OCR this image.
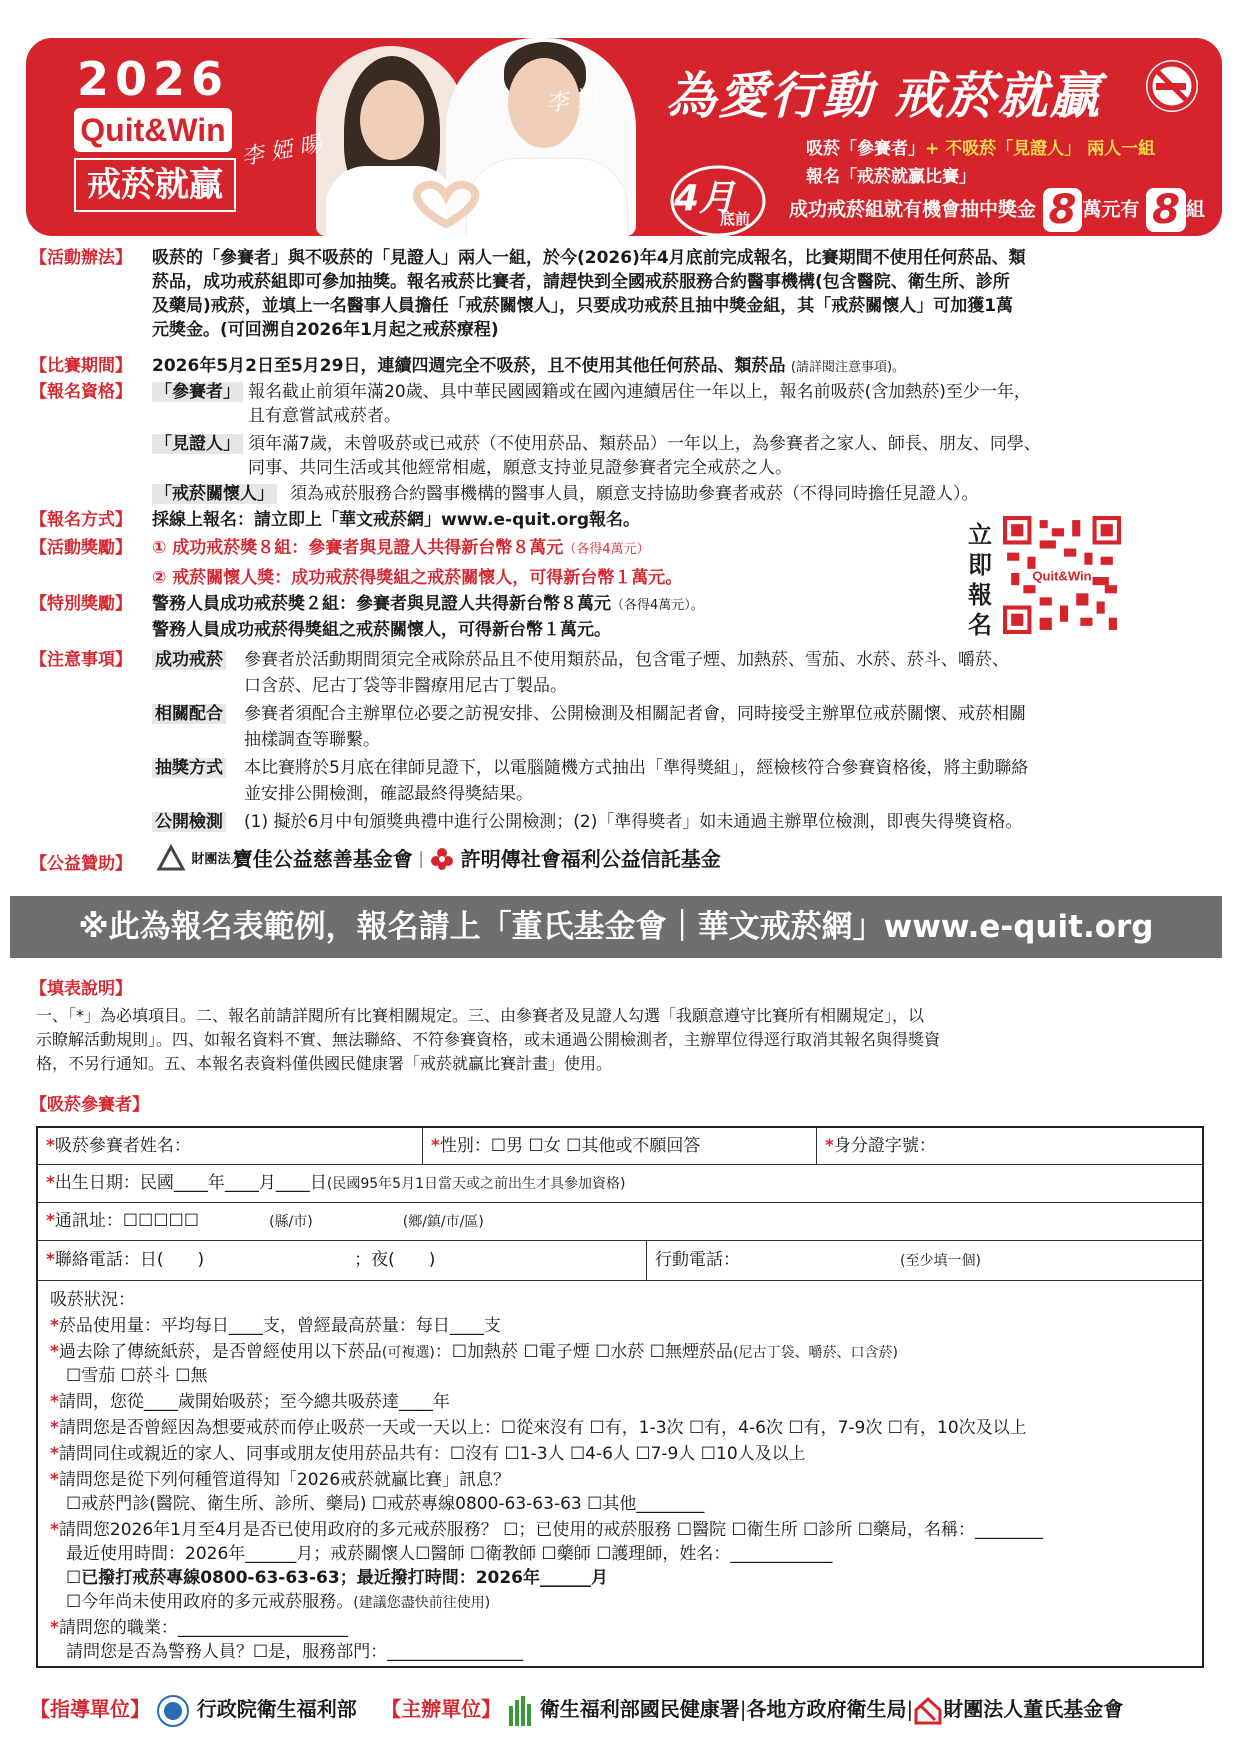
2026
Quit&Win
戒菸就贏
李 婭 暘
李 翔 為愛行動 戒菸就贏
4月
底前
吸菸「參賽者」+ 不吸菸「見證人」 兩人一組
報名「戒菸就贏比賽」
成功戒菸組就有機會抽中獎金 8 萬元有 8 組
【活動辦法】 吸菸的「參賽者」與不吸菸的「見證人」兩人一組，於今(2026)年4月底前完成報名，比賽期間不使用任何菸品、類
菸品，成功戒菸組即可參加抽獎。報名戒菸比賽者，請趕快到全國戒菸服務合約醫事機構(包含醫院、衛生所、診所
及藥局)戒菸，並填上一名醫事人員擔任「戒菸關懷人」，只要成功戒菸且抽中獎金組，其「戒菸關懷人」可加獲1萬
元獎金。(可回溯自2026年1月起之戒菸療程)
【比賽期間】 2026年5月2日至5月29日，連續四週完全不吸菸，且不使用其他任何菸品、類菸品 (請詳閱注意事項)。
【報名資格】 「參賽者」 報名截止前須年滿20歲、具中華民國國籍或在國內連續居住一年以上，報名前吸菸(含加熱菸)至少一年，
且有意嘗試戒菸者。
「見證人」 須年滿7歲，未曾吸菸或已戒菸（不使用菸品、類菸品）一年以上，為參賽者之家人、師長、朋友、同學、
同事、共同生活或其他經常相處，願意支持並見證參賽者完全戒菸之人。
「戒菸關懷人」 須為戒菸服務合約醫事機構的醫事人員，願意支持協助參賽者戒菸（不得同時擔任見證人）。
【報名方式】 採線上報名：請立即上「華文戒菸網」www.e-quit.org報名。
【活動獎勵】 ① 成功戒菸獎８組：參賽者與見證人共得新台幣８萬元（各得4萬元）
② 戒菸關懷人獎：成功戒菸得獎組之戒菸關懷人，可得新台幣１萬元。
【特別獎勵】 警務人員成功戒菸獎２組：參賽者與見證人共得新台幣８萬元（各得4萬元）。
警務人員成功戒菸得獎組之戒菸關懷人，可得新台幣１萬元。
【注意事項】 成功戒菸 參賽者於活動期間須完全戒除菸品且不使用類菸品，包含電子煙、加熱菸、雪茄、水菸、菸斗、嚼菸、
口含菸、尼古丁袋等非醫療用尼古丁製品。
相關配合 參賽者須配合主辦單位必要之訪視安排、公開檢測及相關記者會，同時接受主辦單位戒菸關懷、戒菸相關
抽樣調查等聯繫。
抽獎方式 本比賽將於5月底在律師見證下，以電腦隨機方式抽出「準得獎組」，經檢核符合參賽資格後，將主動聯絡
並安排公開檢測，確認最終得獎結果。
公開檢測 (1) 擬於6月中旬頒獎典禮中進行公開檢測；(2)「準得獎者」如未通過主辦單位檢測，即喪失得獎資格。
【公益贊助】	財團法人 寶佳公益慈善基金會 | 許明傳社會福利公益信託基金
立即報名
Quit&Win
※此為報名表範例，報名請上「董氏基金會｜華文戒菸網」www.e-quit.org
【填表說明】
一、「*」為必填項目。二、報名前請詳閱所有比賽相關規定。三、由參賽者及見證人勾選「我願意遵守比賽所有相關規定」，以
示瞭解活動規則」。四、如報名資料不實、無法聯絡、不符參賽資格，或未通過公開檢測者，主辦單位得逕行取消其報名與得獎資
格，不另行通知。五、本報名表資料僅供國民健康署「戒菸就贏比賽計畫」使用。
【吸菸參賽者】
*吸菸參賽者姓名：	*性別：☐男 ☐女 ☐其他或不願回答	*身分證字號：
*出生日期：民國____年____月____日(民國95年5月1日當天或之前出生才具參加資格)
*通訊址：☐☐☐☐☐	(縣/市)	(鄉/鎮/市/區)
*聯絡電話：日(　　)	；夜(　　)	行動電話：	(至少填一個)
吸菸狀況：
*菸品使用量：平均每日____支，曾經最高菸量：每日____支
*過去除了傳統紙菸，是否曾經使用以下菸品(可複選)：☐加熱菸 ☐電子煙 ☐水菸 ☐無煙菸品(尼古丁袋、嚼菸、口含菸)
☐雪茄 ☐菸斗 ☐無
*請問，您從____歲開始吸菸；至今總共吸菸達____年
*請問您是否曾經因為想要戒菸而停止吸菸一天或一天以上：☐從來沒有 ☐有，1-3次 ☐有，4-6次 ☐有，7-9次 ☐有，10次及以上
*請問同住或親近的家人、同事或朋友使用菸品共有：☐沒有 ☐1-3人 ☐4-6人 ☐7-9人 ☐10人及以上
*請問您是從下列何種管道得知「2026戒菸就贏比賽」訊息？
☐戒菸門診(醫院、衛生所、診所、藥局) ☐戒菸專線0800-63-63-63 ☐其他________
*請問您2026年1月至4月是否已使用政府的多元戒菸服務？ ☐；已使用的戒菸服務 ☐醫院 ☐衛生所 ☐診所 ☐藥局，名稱：________
最近使用時間：2026年______月；戒菸關懷人☐醫師 ☐衛教師 ☐藥師 ☐護理師，姓名：____________
☐已撥打戒菸專線0800-63-63-63；最近撥打時間：2026年______月
☐今年尚未使用政府的多元戒菸服務。(建議您盡快前往使用)
*請問您的職業：____________________
請問您是否為警務人員？☐是，服務部門：________________
【指導單位】 行政院衛生福利部 【主辦單位】 衛生福利部國民健康署|各地方政府衛生局| 財團法人董氏基金會
